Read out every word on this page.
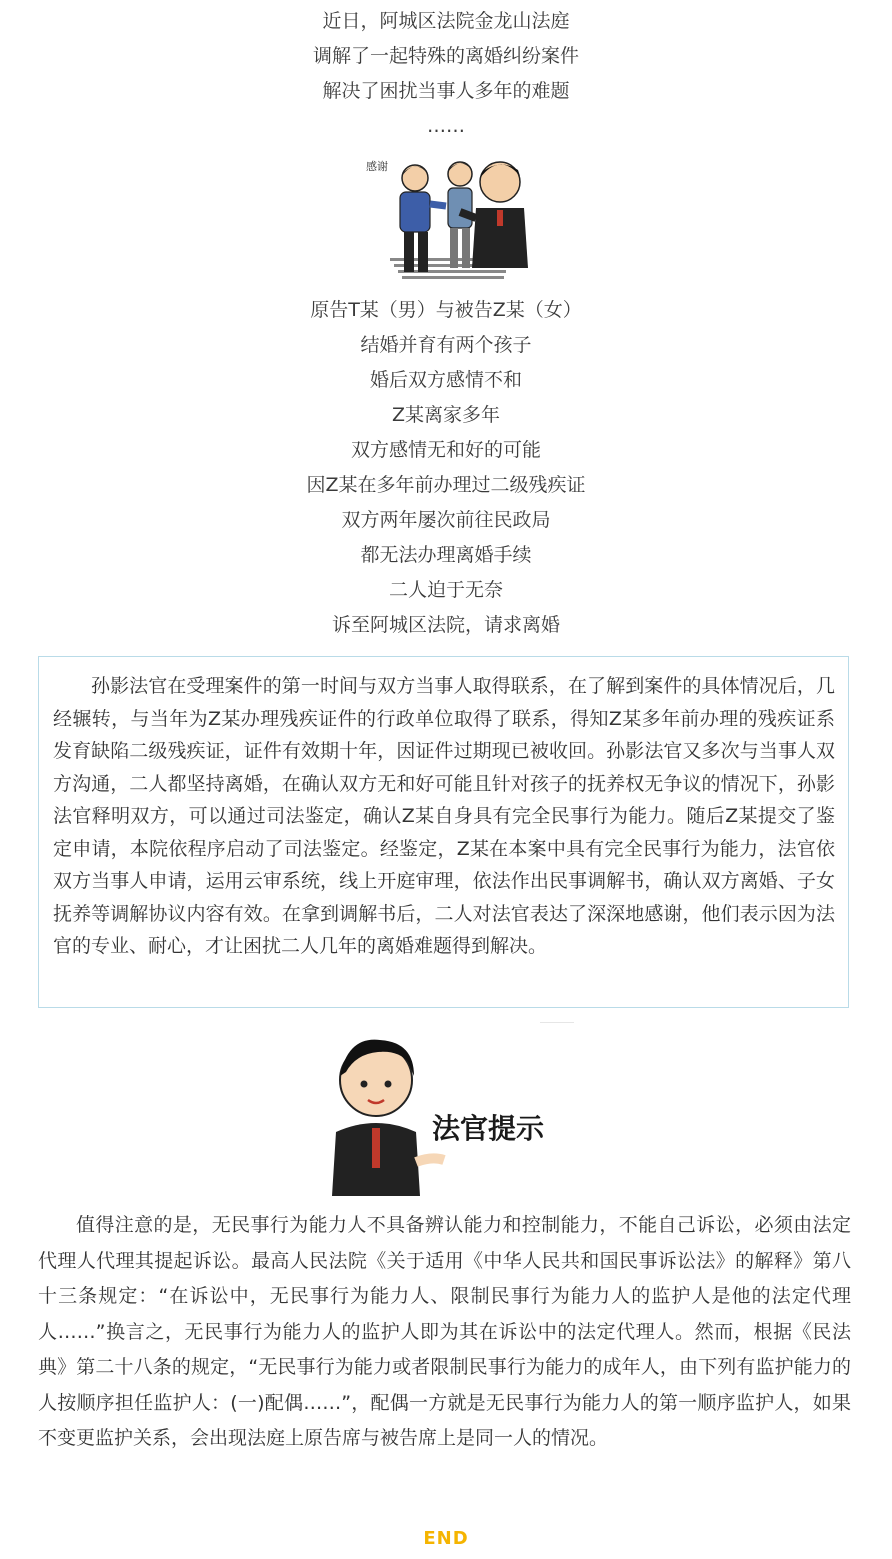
近日，阿城区法院金龙山法庭
调解了一起特殊的离婚纠纷案件
解决了困扰当事人多年的难题
……
感谢
原告T某（男）与被告Z某（女）
结婚并育有两个孩子
婚后双方感情不和
Z某离家多年
双方感情无和好的可能
因Z某在多年前办理过二级残疾证
双方两年屡次前往民政局
都无法办理离婚手续
二人迫于无奈
诉至阿城区法院，请求离婚

孙影法官在受理案件的第一时间与双方当事人取得联系，在了解到案件的具体情况后，几经辗转，与当年为Z某办理残疾证件的行政单位取得了联系，得知Z某多年前办理的残疾证系发育缺陷二级残疾证，证件有效期十年，因证件过期现已被收回。孙影法官又多次与当事人双方沟通，二人都坚持离婚，在确认双方无和好可能且针对孩子的抚养权无争议的情况下，孙影法官释明双方，可以通过司法鉴定，确认Z某自身具有完全民事行为能力。随后Z某提交了鉴定申请，本院依程序启动了司法鉴定。经鉴定，Z某在本案中具有完全民事行为能力，法官依双方当事人申请，运用云审系统，线上开庭审理，依法作出民事调解书，确认双方离婚、子女抚养等调解协议内容有效。在拿到调解书后，二人对法官表达了深深地感谢，他们表示因为法官的专业、耐心，才让困扰二人几年的离婚难题得到解决。

法官提示

值得注意的是，无民事行为能力人不具备辨认能力和控制能力，不能自己诉讼，必须由法定代理人代理其提起诉讼。最高人民法院《关于适用《中华人民共和国民事诉讼法》的解释》第八十三条规定：“在诉讼中，无民事行为能力人、限制民事行为能力人的监护人是他的法定代理人……”换言之，无民事行为能力人的监护人即为其在诉讼中的法定代理人。然而，根据《民法典》第二十八条的规定，“无民事行为能力或者限制民事行为能力的成年人，由下列有监护能力的人按顺序担任监护人：(一)配偶……”，配偶一方就是无民事行为能力人的第一顺序监护人，如果不变更监护关系，会出现法庭上原告席与被告席上是同一人的情况。

END
